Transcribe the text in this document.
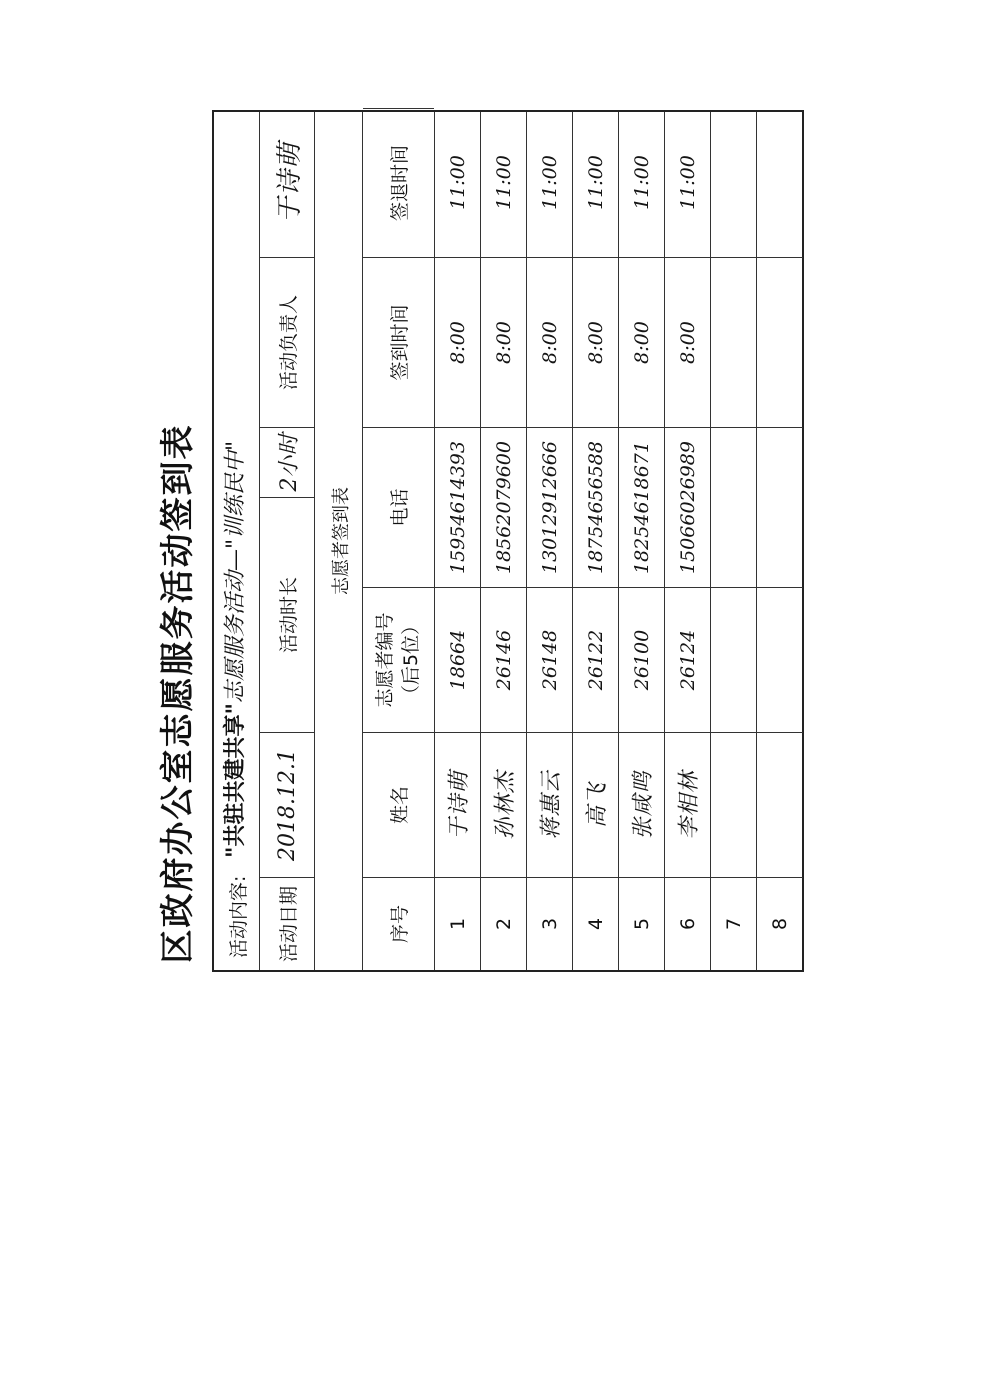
区政府办公室志愿服务活动签到表 活动内容:
"共驻共建共享"志愿服务活动—"训练民中"
活动日期
2018.12.1
活动时长
2小时
活动负责人
于诗萌
志愿者签到表
序号
姓名
志愿者编号（后5位）
电话
签到时间
签退时间
1
于诗萌
18664
15954614393
8:00
11:00
2
孙林杰
26146
18562079600
8:00
11:00
3
蒋惠云
26148
13012912666
8:00
11:00
4
高飞
26122
18754656588
8:00
11:00
5
张咸鸣
26100
18254618671
8:00
11:00
6
李相林
26124
15066026989
8:00
11:00
7	8
